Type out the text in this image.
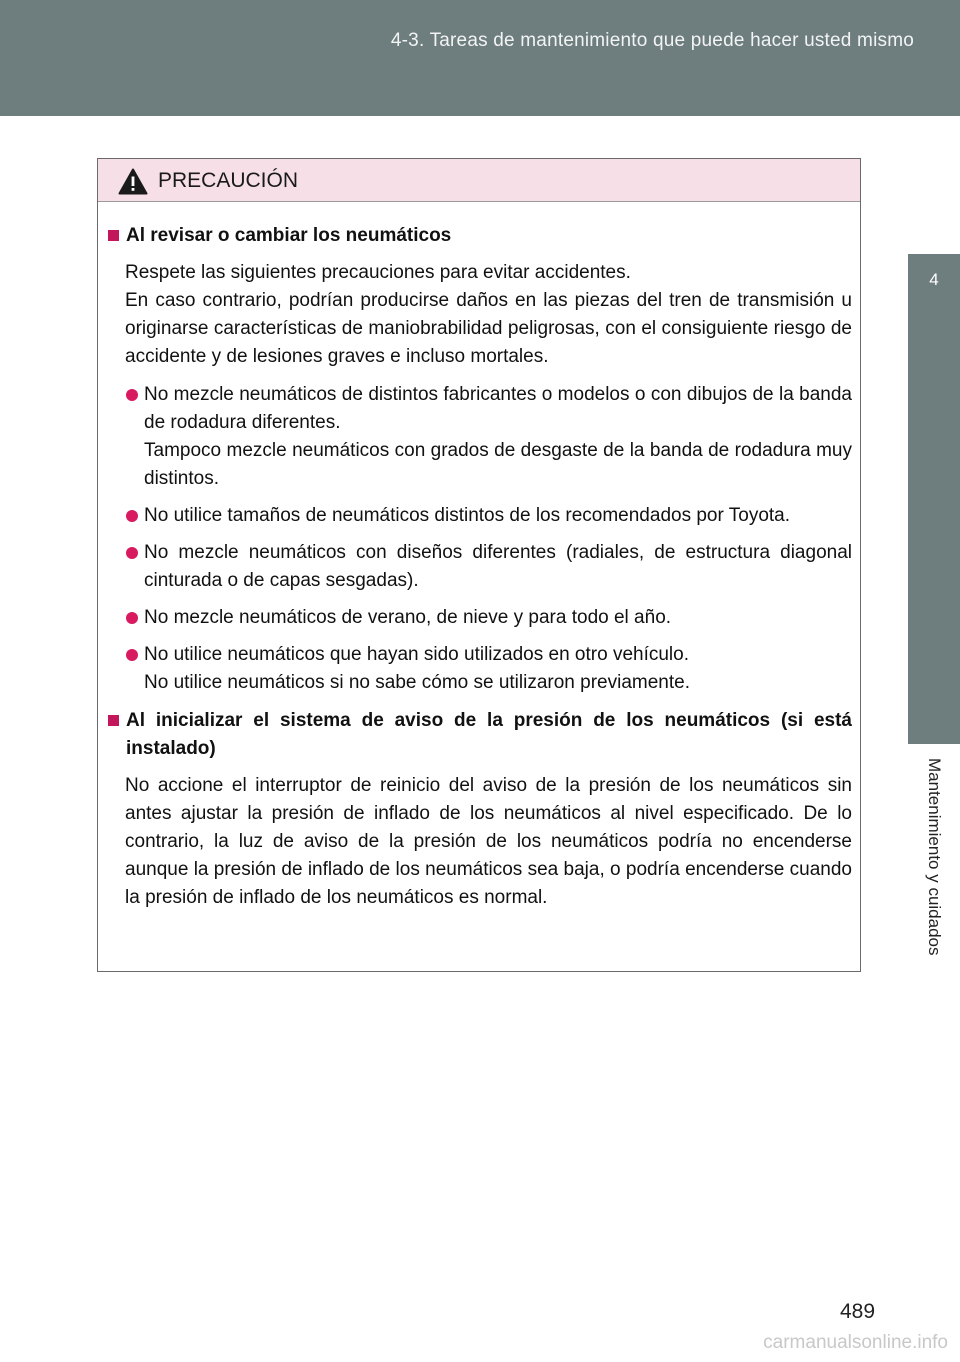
4-3. Tareas de mantenimiento que puede hacer usted mismo
4
Mantenimiento y cuidados
PRECAUCIÓN
Al revisar o cambiar los neumáticos
Respete las siguientes precauciones para evitar accidentes.
En caso contrario, podrían producirse daños en las piezas del tren de transmisión u originarse características de maniobrabilidad peligrosas, con el consiguiente riesgo de accidente y de lesiones graves e incluso mortales.
No mezcle neumáticos de distintos fabricantes o modelos o con dibujos de la banda de rodadura diferentes.
Tampoco mezcle neumáticos con grados de desgaste de la banda de rodadura muy distintos.
No utilice tamaños de neumáticos distintos de los recomendados por Toyota.
No mezcle neumáticos con diseños diferentes (radiales, de estructura diagonal cinturada o de capas sesgadas).
No mezcle neumáticos de verano, de nieve y para todo el año.
No utilice neumáticos que hayan sido utilizados en otro vehículo.
No utilice neumáticos si no sabe cómo se utilizaron previamente.
Al inicializar el sistema de aviso de la presión de los neumáticos (si está instalado)
No accione el interruptor de reinicio del aviso de la presión de los neumáticos sin antes ajustar la presión de inflado de los neumáticos al nivel especificado. De lo contrario, la luz de aviso de la presión de los neumáticos podría no encenderse aunque la presión de inflado de los neumáticos sea baja, o podría encenderse cuando la presión de inflado de los neumáticos es normal.
489
carmanualsonline.info
